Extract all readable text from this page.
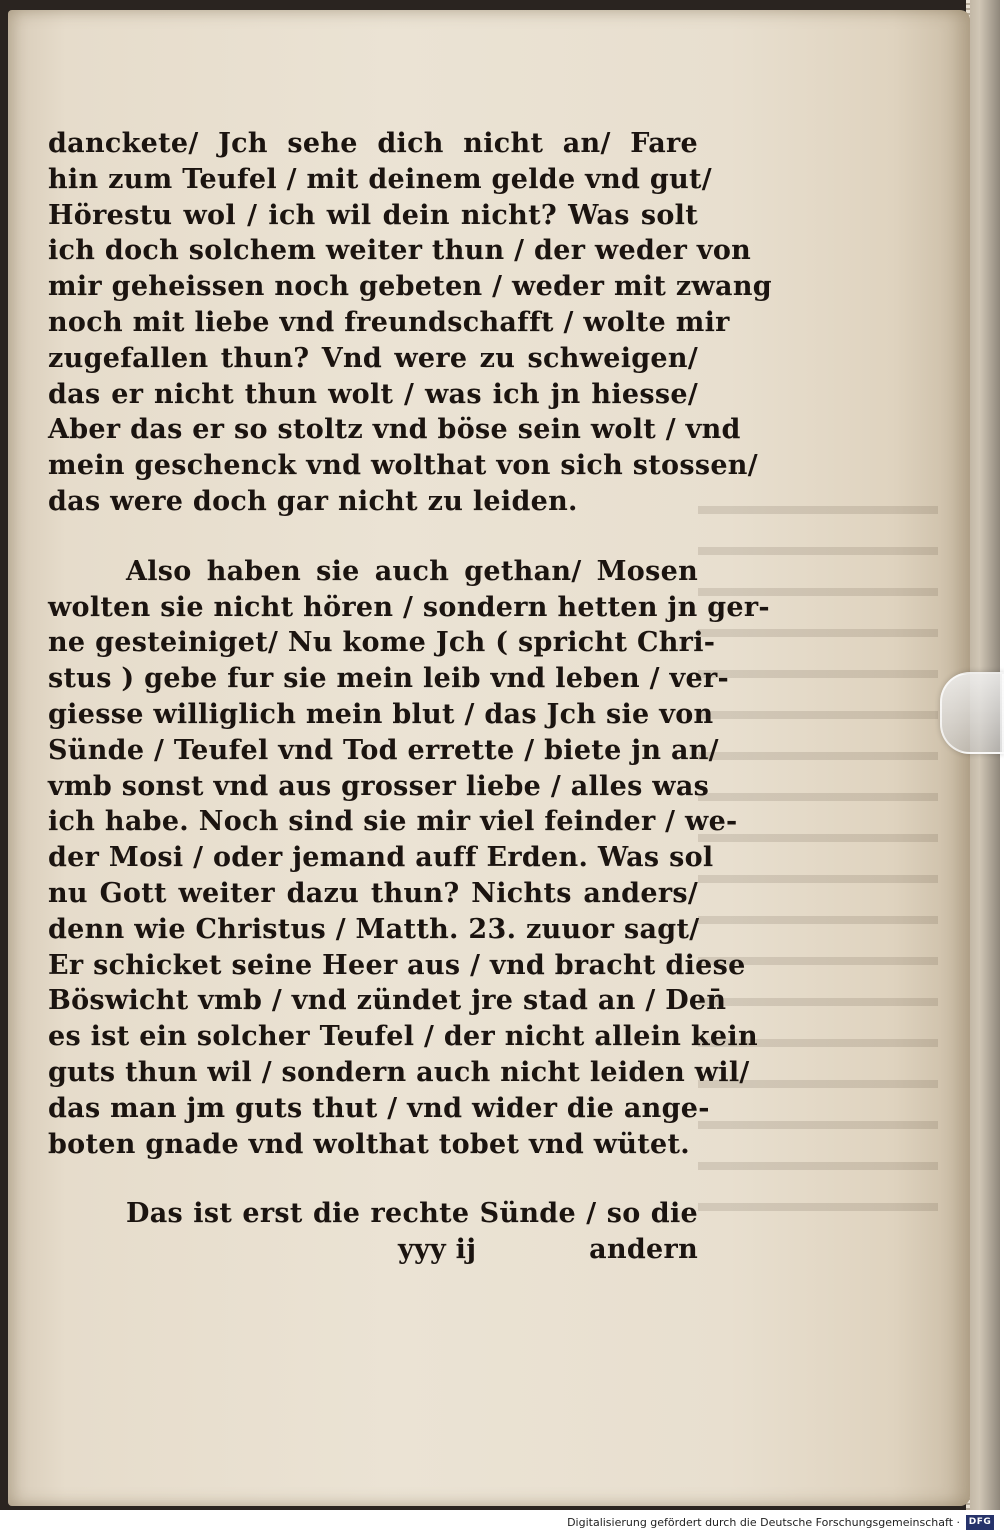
danckete/ Jch sehe dich nicht an/ Fare
hin zum Teufel / mit deinem gelde vnd gut/
Hörestu wol / ich wil dein nicht? Was solt
ich doch solchem weiter thun / der weder von
mir geheissen noch gebeten / weder mit zwang
noch mit liebe vnd freundschafft / wolte mir
zugefallen thun? Vnd were zu schweigen/
das er nicht thun wolt / was ich jn hiesse/
Aber das er so stoltz vnd böse sein wolt / vnd
mein geschenck vnd wolthat von sich stossen/
das were doch gar nicht zu leiden.
Also haben sie auch gethan/ Mosen
wolten sie nicht hören / sondern hetten jn ger-
ne gesteiniget/ Nu kome Jch ( spricht Chri-
stus ) gebe fur sie mein leib vnd leben / ver-
giesse williglich mein blut / das Jch sie von
Sünde / Teufel vnd Tod errette / biete jn an/
vmb sonst vnd aus grosser liebe / alles was
ich habe. Noch sind sie mir viel feinder / we-
der Mosi / oder jemand auff Erden. Was sol
nu Gott weiter dazu thun? Nichts anders/
denn wie Christus / Matth. 23. zuuor sagt/
Er schicket seine Heer aus / vnd bracht diese
Böswicht vmb / vnd zündet jre stad an / Den̄
es ist ein solcher Teufel / der nicht allein kein
guts thun wil / sondern auch nicht leiden wil/
das man jm guts thut / vnd wider die ange-
boten gnade vnd wolthat tobet vnd wütet.
Das ist erst die rechte Sünde / so die
yyy ij	andern
Digitalisierung gefördert durch die Deutsche Forschungsgemeinschaft · DFG
